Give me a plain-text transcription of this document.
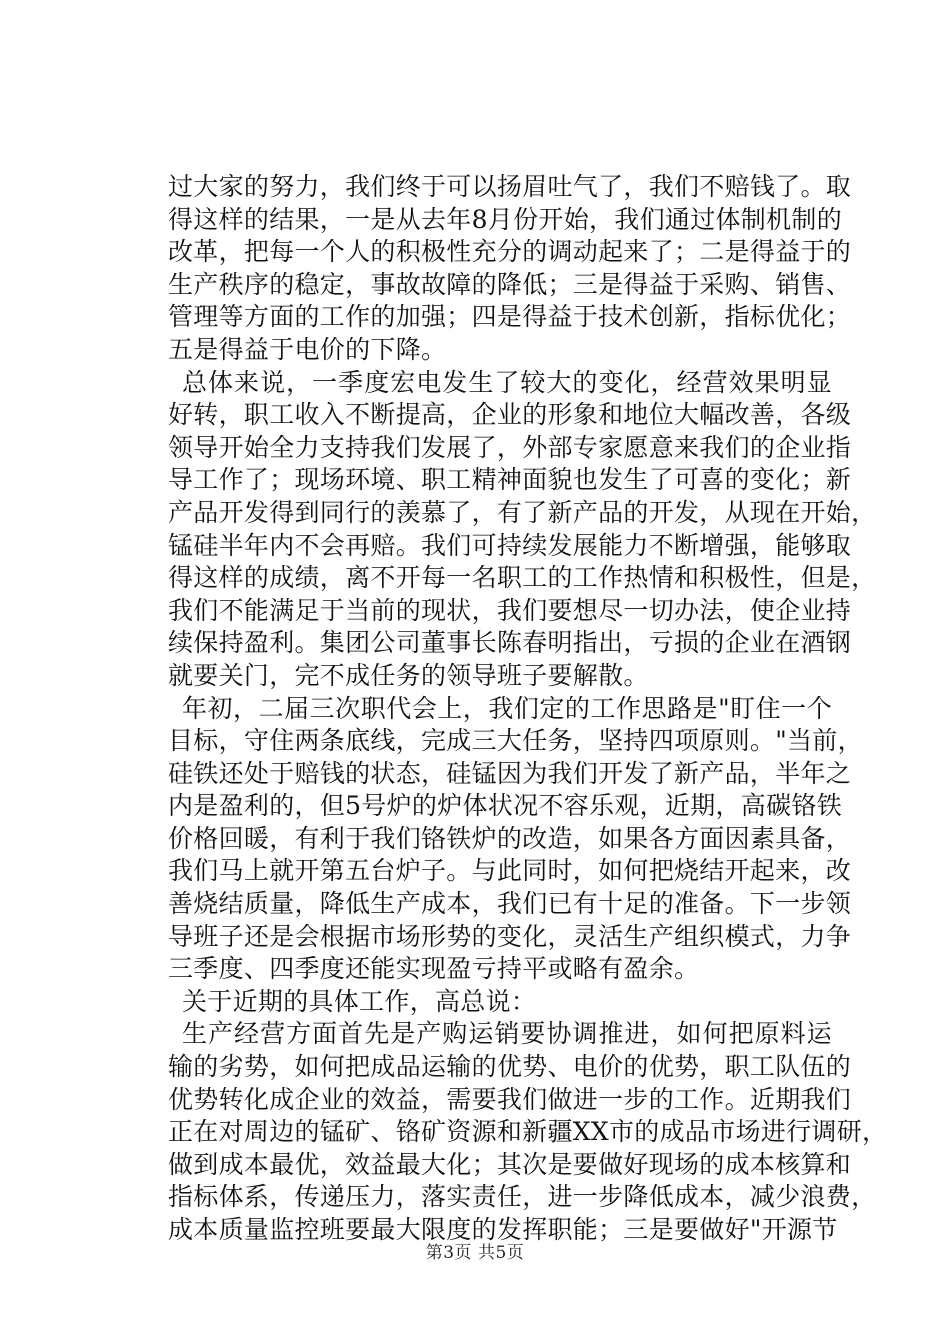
过大家的努力，我们终于可以扬眉吐气了，我们不赔钱了。取
得这样的结果，一是从去年8月份开始，我们通过体制机制的
改革，把每一个人的积极性充分的调动起来了；二是得益于的
生产秩序的稳定，事故故障的降低；三是得益于采购、销售、
管理等方面的工作的加强；四是得益于技术创新，指标优化；
五是得益于电价的下降。
总体来说，一季度宏电发生了较大的变化，经营效果明显
好转，职工收入不断提高，企业的形象和地位大幅改善，各级
领导开始全力支持我们发展了，外部专家愿意来我们的企业指
导工作了；现场环境、职工精神面貌也发生了可喜的变化；新
产品开发得到同行的羡慕了，有了新产品的开发，从现在开始，
锰硅半年内不会再赔。我们可持续发展能力不断增强，能够取
得这样的成绩，离不开每一名职工的工作热情和积极性，但是，
我们不能满足于当前的现状，我们要想尽一切办法，使企业持
续保持盈利。集团公司董事长陈春明指出，亏损的企业在酒钢
就要关门，完不成任务的领导班子要解散。
年初，二届三次职代会上，我们定的工作思路是"盯住一个
目标，守住两条底线，完成三大任务，坚持四项原则。"当前，
硅铁还处于赔钱的状态，硅锰因为我们开发了新产品，半年之
内是盈利的，但5号炉的炉体状况不容乐观，近期，高碳铬铁
价格回暖，有利于我们铬铁炉的改造，如果各方面因素具备，
我们马上就开第五台炉子。与此同时，如何把烧结开起来，改
善烧结质量，降低生产成本，我们已有十足的准备。下一步领
导班子还是会根据市场形势的变化，灵活生产组织模式，力争
三季度、四季度还能实现盈亏持平或略有盈余。
关于近期的具体工作，高总说：
生产经营方面首先是产购运销要协调推进，如何把原料运
输的劣势，如何把成品运输的优势、电价的优势，职工队伍的
优势转化成企业的效益，需要我们做进一步的工作。近期我们
正在对周边的锰矿、铬矿资源和新疆XX市的成品市场进行调研，
做到成本最优，效益最大化；其次是要做好现场的成本核算和
指标体系，传递压力，落实责任，进一步降低成本，减少浪费，
成本质量监控班要最大限度的发挥职能；三是要做好"开源节
第3页 共5页
